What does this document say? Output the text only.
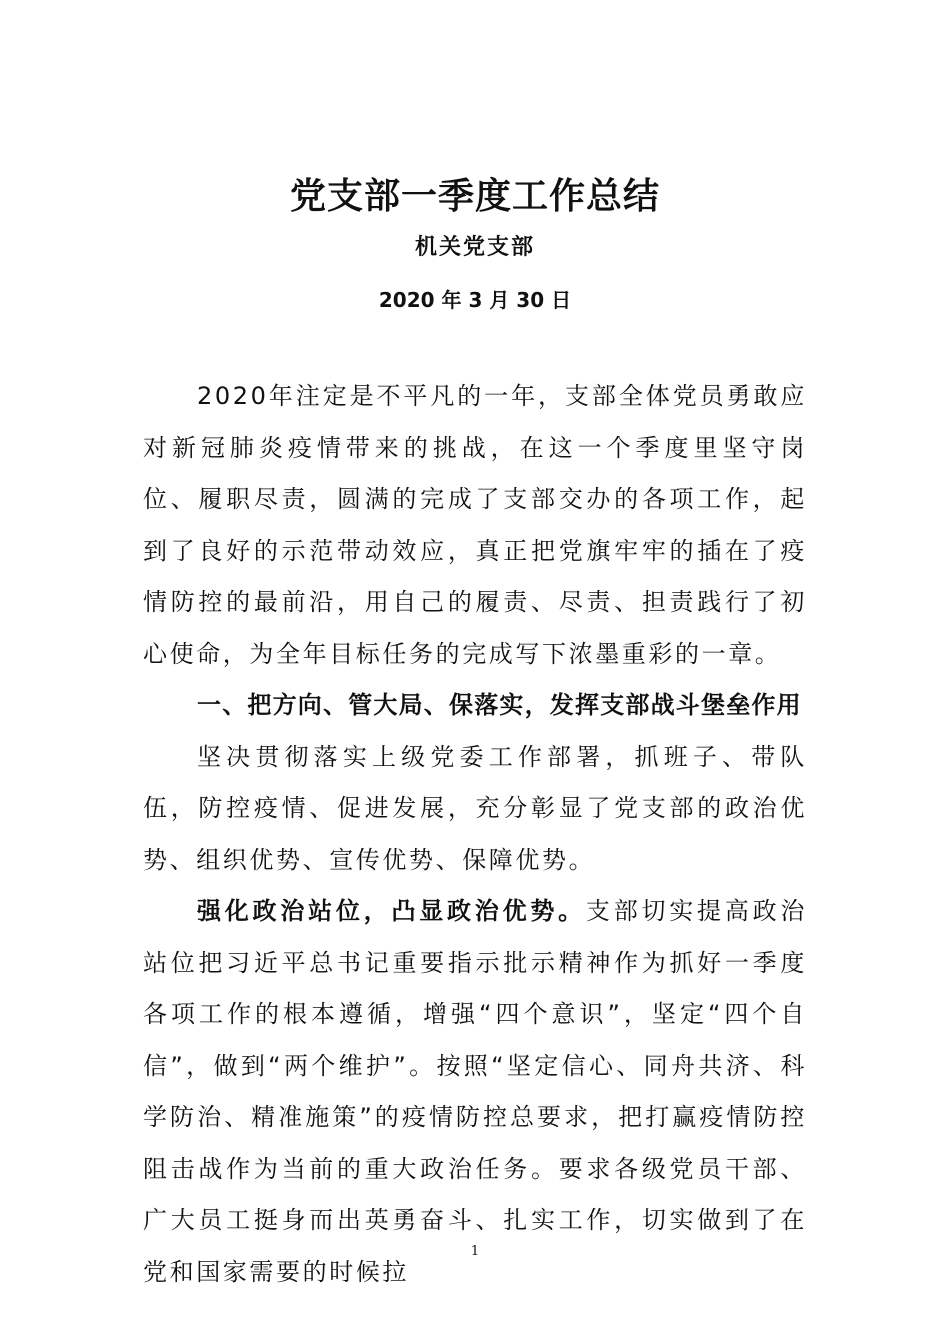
党支部一季度工作总结
机关党支部
2020 年 3 月 30 日

2020年注定是不平凡的一年，支部全体党员勇敢应对新冠肺炎疫情带来的挑战，在这一个季度里坚守岗位、履职尽责，圆满的完成了支部交办的各项工作，起到了良好的示范带动效应，真正把党旗牢牢的插在了疫情防控的最前沿，用自己的履责、尽责、担责践行了初心使命，为全年目标任务的完成写下浓墨重彩的一章。

一、把方向、管大局、保落实，发挥支部战斗堡垒作用

坚决贯彻落实上级党委工作部署，抓班子、带队伍，防控疫情、促进发展，充分彰显了党支部的政治优势、组织优势、宣传优势、保障优势。

强化政治站位，凸显政治优势。支部切实提高政治站位把习近平总书记重要指示批示精神作为抓好一季度各项工作的根本遵循，增强“四个意识”，坚定“四个自信”，做到“两个维护”。按照“坚定信心、同舟共济、科学防治、精准施策”的疫情防控总要求，把打赢疫情防控阻击战作为当前的重大政治任务。要求各级党员干部、广大员工挺身而出英勇奋斗、扎实工作，切实做到了在党和国家需要的时候拉

1
